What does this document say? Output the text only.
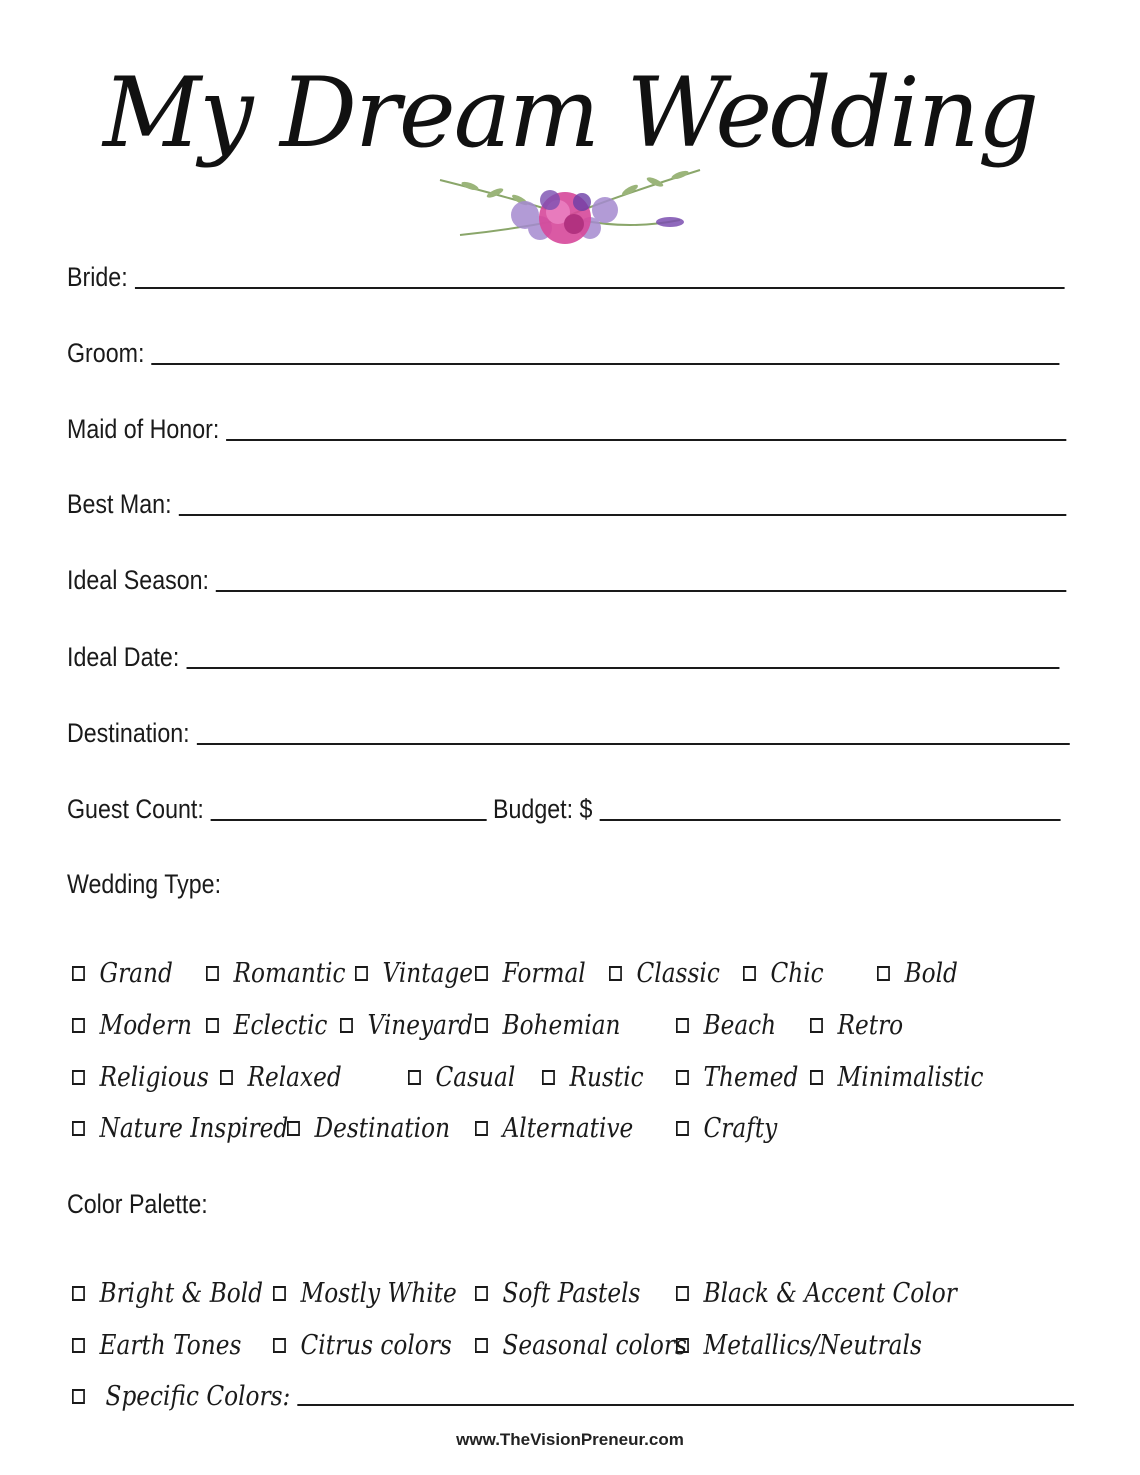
My Dream Wedding
Bride:
Groom:
Maid of Honor:
Best Man:
Ideal Season:
Ideal Date:
Destination:
Guest Count:	Budget: $
Wedding Type:
Grand Romantic Vintage Formal Classic Chic	Bold
Modern Eclectic Vineyard Bohemian	Beach Retro
Religious Relaxed	Casual Rustic Themed Minimalistic
Nature Inspired Destination Alternative	Crafty
Color Palette:
Bright & Bold Mostly White Soft Pastels Black & Accent Color
Earth Tones Citrus colors Seasonal colors Metallics/Neutrals
Specific Colors:
www.TheVisionPreneur.com
